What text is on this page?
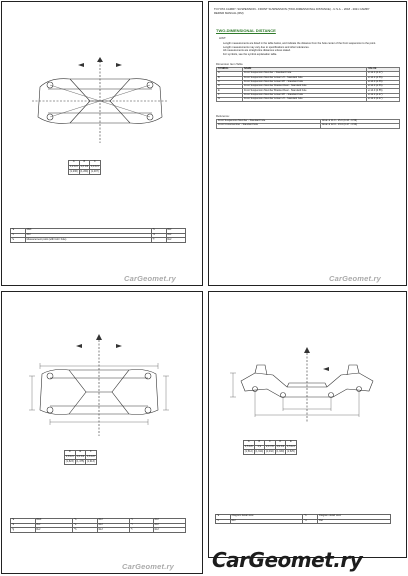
CarGeomet.ry
A	B	C
1,2 1/4	1,3 1/4	1,4 1/4
(1,236)	(1,264)	(1,407)
*a	REF	*b	Ref
*c	Ref	*d	Ref
*e	Measurement point (with bolt / hole)	*f	Ref
TOYOTA CAMRY: SUSPENSION - FRONT SUSPENSION (TWO-DIMENSIONAL DISTANCE) - U.S.A. - 2018 - 2021 CAMRY
REPAIR MANUAL (RM)
TWO-DIMENSIONAL DISTANCE
HINT:
Length measurements are listed in the table below, and indicate the distance from the hole center of the front suspension to the point.
Length measurements may vary due to specifications and other tolerances.
All measurements are straight-line distances unless stated.
For symbols, see the symbol explanation table.
Dimension Item Table
SYMBOL	NAME	VALUE
A	Front Suspension Member - Standard hole	ø 12.0 (0.47)
B	Front Suspension Member Lower LH - Standard hole	ø 14.0 (0.55)
C	Front Suspension Member Lower RH - Standard hole	ø 14.0 (0.55)
D	Front Suspension Member Bracket Rear - Standard hole	ø 14.0 (0.55)
E	Front Suspension Member Bracket Rear - Standard hole	ø 14.0 (0.55)
F	Front Suspension Member Lower RH - Standard hole	ø 12.0 (0.47)
G	Front Suspension Member Lower LH - Standard hole	ø 12.0 (0.47)
Reference:
Front Suspension Member - Standard hole	Area: ø 11.0 - 15.0 (0.43 - 0.59)
Front Crossmember - Standard hole	Area: ø 12.0 - 15.0 (0.47 - 0.59)
CarGeomet.ry
D	E	F
1,8 1/4	1,4 3/4	1,6 1/8
(1,823)	(1,475)	(1,613)
*a	REF	*b	Ref	*c	Ref
*d	Ref	*e	Ref	*f	Ref
*g	Ref	*h	Ref	*i	Ref
CarGeomet.ry
A	B	C	D	E
1,5 1/8	1,9	2,0 7/8	1,9 3/4	1,5 1/4
(1,512)	(1,914)	(2,032)	(1,930)	(1,525)
*a	Diagram detail view	*b	Diagram detail view
*c	Ref	*d	Ref
CarGeomet.ry
